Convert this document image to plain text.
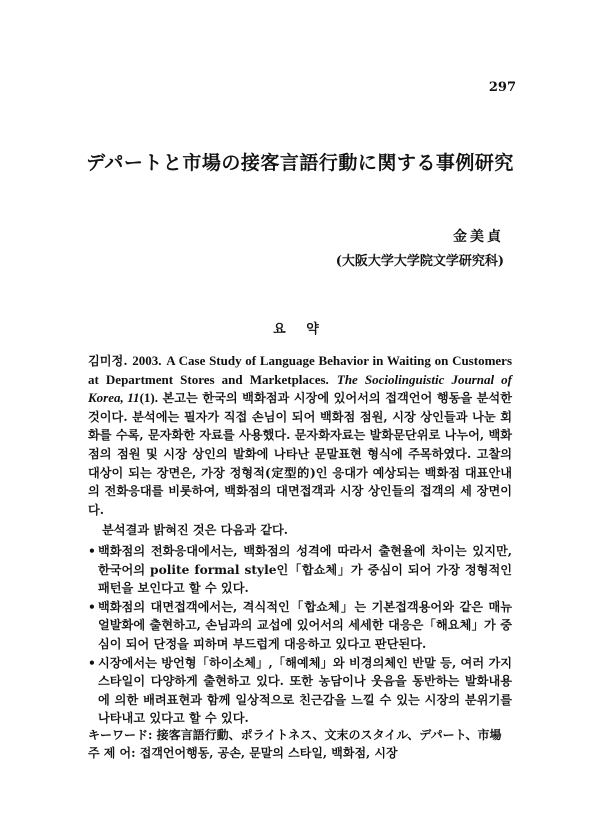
297
デパートと市場の接客言語行動に関する事例研究
金美貞
(大阪大学大学院文学研究科)
요 약

김미정. 2003. A Case Study of Language Behavior in Waiting on Customers at Department Stores and Marketplaces. The Sociolinguistic Journal of Korea, 11(1). 본고는 한국의 백화점과 시장에 있어서의 접객언어 행동을 분석한 것이다. 분석에는 필자가 직접 손님이 되어 백화점 점원, 시장 상인들과 나눈 회화를 수록, 문자화한 자료를 사용했다. 문자화자료는 발화문단위로 나누어, 백화점의 점원 및 시장 상인의 발화에 나타난 문말표현 형식에 주목하였다. 고찰의 대상이 되는 장면은, 가장 정형적(定型的)인 응대가 예상되는 백화점 대표안내의 전화응대를 비롯하여, 백화점의 대면접객과 시장 상인들의 접객의 세 장면이다.

분석결과 밝혀진 것은 다음과 같다.

• 백화점의 전화응대에서는, 백화점의 성격에 따라서 출현율에 차이는 있지만, 한국어의 polite formal style인「합쇼체」가 중심이 되어 가장 정형적인 패턴을 보인다고 할 수 있다.
• 백화점의 대면접객에서는, 격식적인「합쇼체」는 기본접객용어와 같은 매뉴얼발화에 출현하고, 손님과의 교섭에 있어서의 세세한 대응은「해요체」가 중심이 되어 단정을 피하며 부드럽게 대응하고 있다고 판단된다.
• 시장에서는 방언형「하이소체」,「해예체」와 비경의체인 반말 등, 여러 가지 스타일이 다양하게 출현하고 있다. 또한 농담이나 웃음을 동반하는 발화내용에 의한 배려표현과 함께 일상적으로 친근감을 느낄 수 있는 시장의 분위기를 나타내고 있다고 할 수 있다.
キーワード: 接客言語行動、ポライトネス、文末のスタイル、デパート、市場
주 제 어: 접객언어행동, 공손, 문말의 스타일, 백화점, 시장
